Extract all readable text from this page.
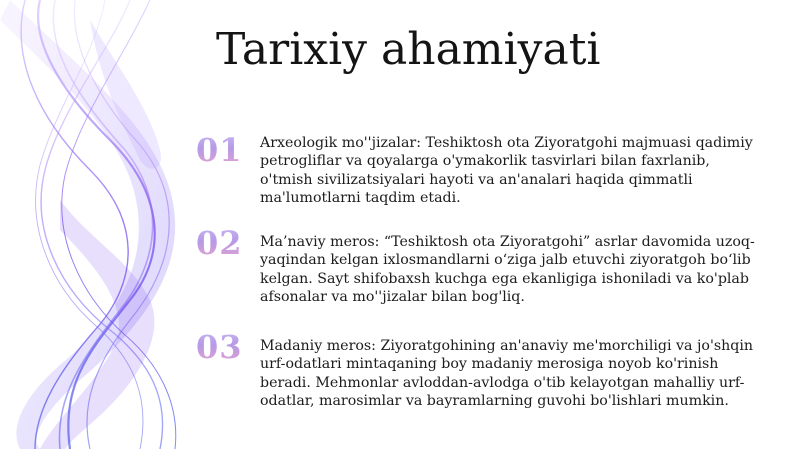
Tarixiy ahamiyati
01	Arxeologik mo''jizalar: Teshiktosh ota Ziyoratgohi majmuasi qadimiy petrogliflar va qoyalarga o'ymakorlik tasvirlari bilan faxrlanib, o'tmish sivilizatsiyalari hayoti va an'analari haqida qimmatli ma'lumotlarni taqdim etadi.
02	Ma’naviy meros: “Teshiktosh ota Ziyoratgohi” asrlar davomida uzoq-yaqindan kelgan ixlosmandlarni o‘ziga jalb etuvchi ziyoratgoh bo‘lib kelgan. Sayt shifobaxsh kuchga ega ekanligiga ishoniladi va ko'plab afsonalar va mo''jizalar bilan bog'liq.
03	Madaniy meros: Ziyoratgohining an'anaviy me'morchiligi va jo'shqin urf-odatlari mintaqaning boy madaniy merosiga noyob ko'rinish beradi. Mehmonlar avloddan-avlodga o'tib kelayotgan mahalliy urf-odatlar, marosimlar va bayramlarning guvohi bo'lishlari mumkin.
